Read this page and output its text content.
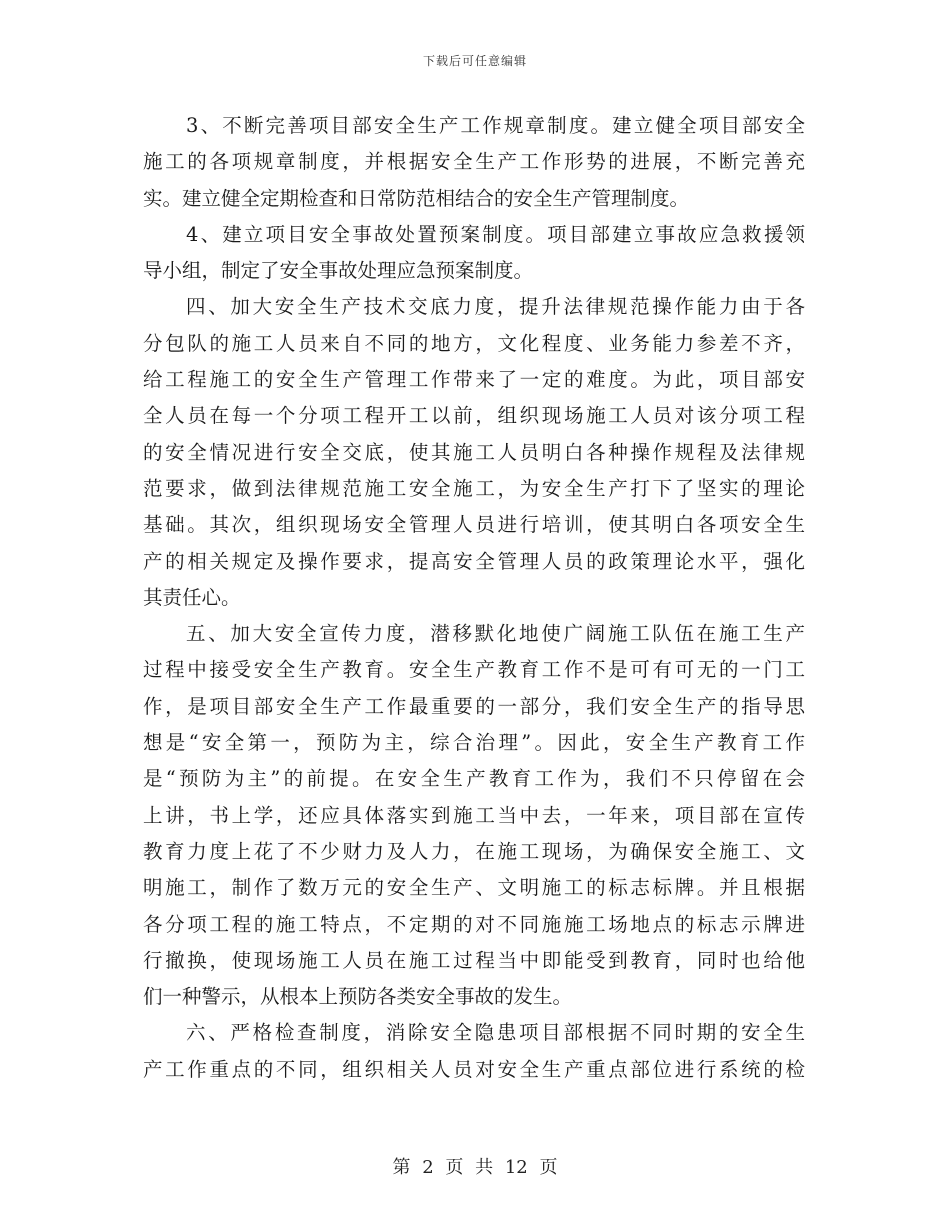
下载后可任意编辑
3、不断完善项目部安全生产工作规章制度。建立健全项目部安全
施工的各项规章制度，并根据安全生产工作形势的进展，不断完善充
实。建立健全定期检查和日常防范相结合的安全生产管理制度。
4、建立项目安全事故处置预案制度。项目部建立事故应急救援领
导小组，制定了安全事故处理应急预案制度。
四、加大安全生产技术交底力度，提升法律规范操作能力由于各
分包队的施工人员来自不同的地方，文化程度、业务能力参差不齐，
给工程施工的安全生产管理工作带来了一定的难度。为此，项目部安
全人员在每一个分项工程开工以前，组织现场施工人员对该分项工程
的安全情况进行安全交底，使其施工人员明白各种操作规程及法律规
范要求，做到法律规范施工安全施工，为安全生产打下了坚实的理论
基础。其次，组织现场安全管理人员进行培训，使其明白各项安全生
产的相关规定及操作要求，提高安全管理人员的政策理论水平，强化
其责任心。
五、加大安全宣传力度，潜移默化地使广阔施工队伍在施工生产
过程中接受安全生产教育。安全生产教育工作不是可有可无的一门工
作，是项目部安全生产工作最重要的一部分，我们安全生产的指导思
想是“安全第一，预防为主，综合治理”。因此，安全生产教育工作
是“预防为主”的前提。在安全生产教育工作为，我们不只停留在会
上讲，书上学，还应具体落实到施工当中去，一年来，项目部在宣传
教育力度上花了不少财力及人力，在施工现场，为确保安全施工、文
明施工，制作了数万元的安全生产、文明施工的标志标牌。并且根据
各分项工程的施工特点，不定期的对不同施施工场地点的标志示牌进
行撤换，使现场施工人员在施工过程当中即能受到教育，同时也给他
们一种警示，从根本上预防各类安全事故的发生。
六、严格检查制度，消除安全隐患项目部根据不同时期的安全生
产工作重点的不同，组织相关人员对安全生产重点部位进行系统的检
第 2 页 共 12 页
